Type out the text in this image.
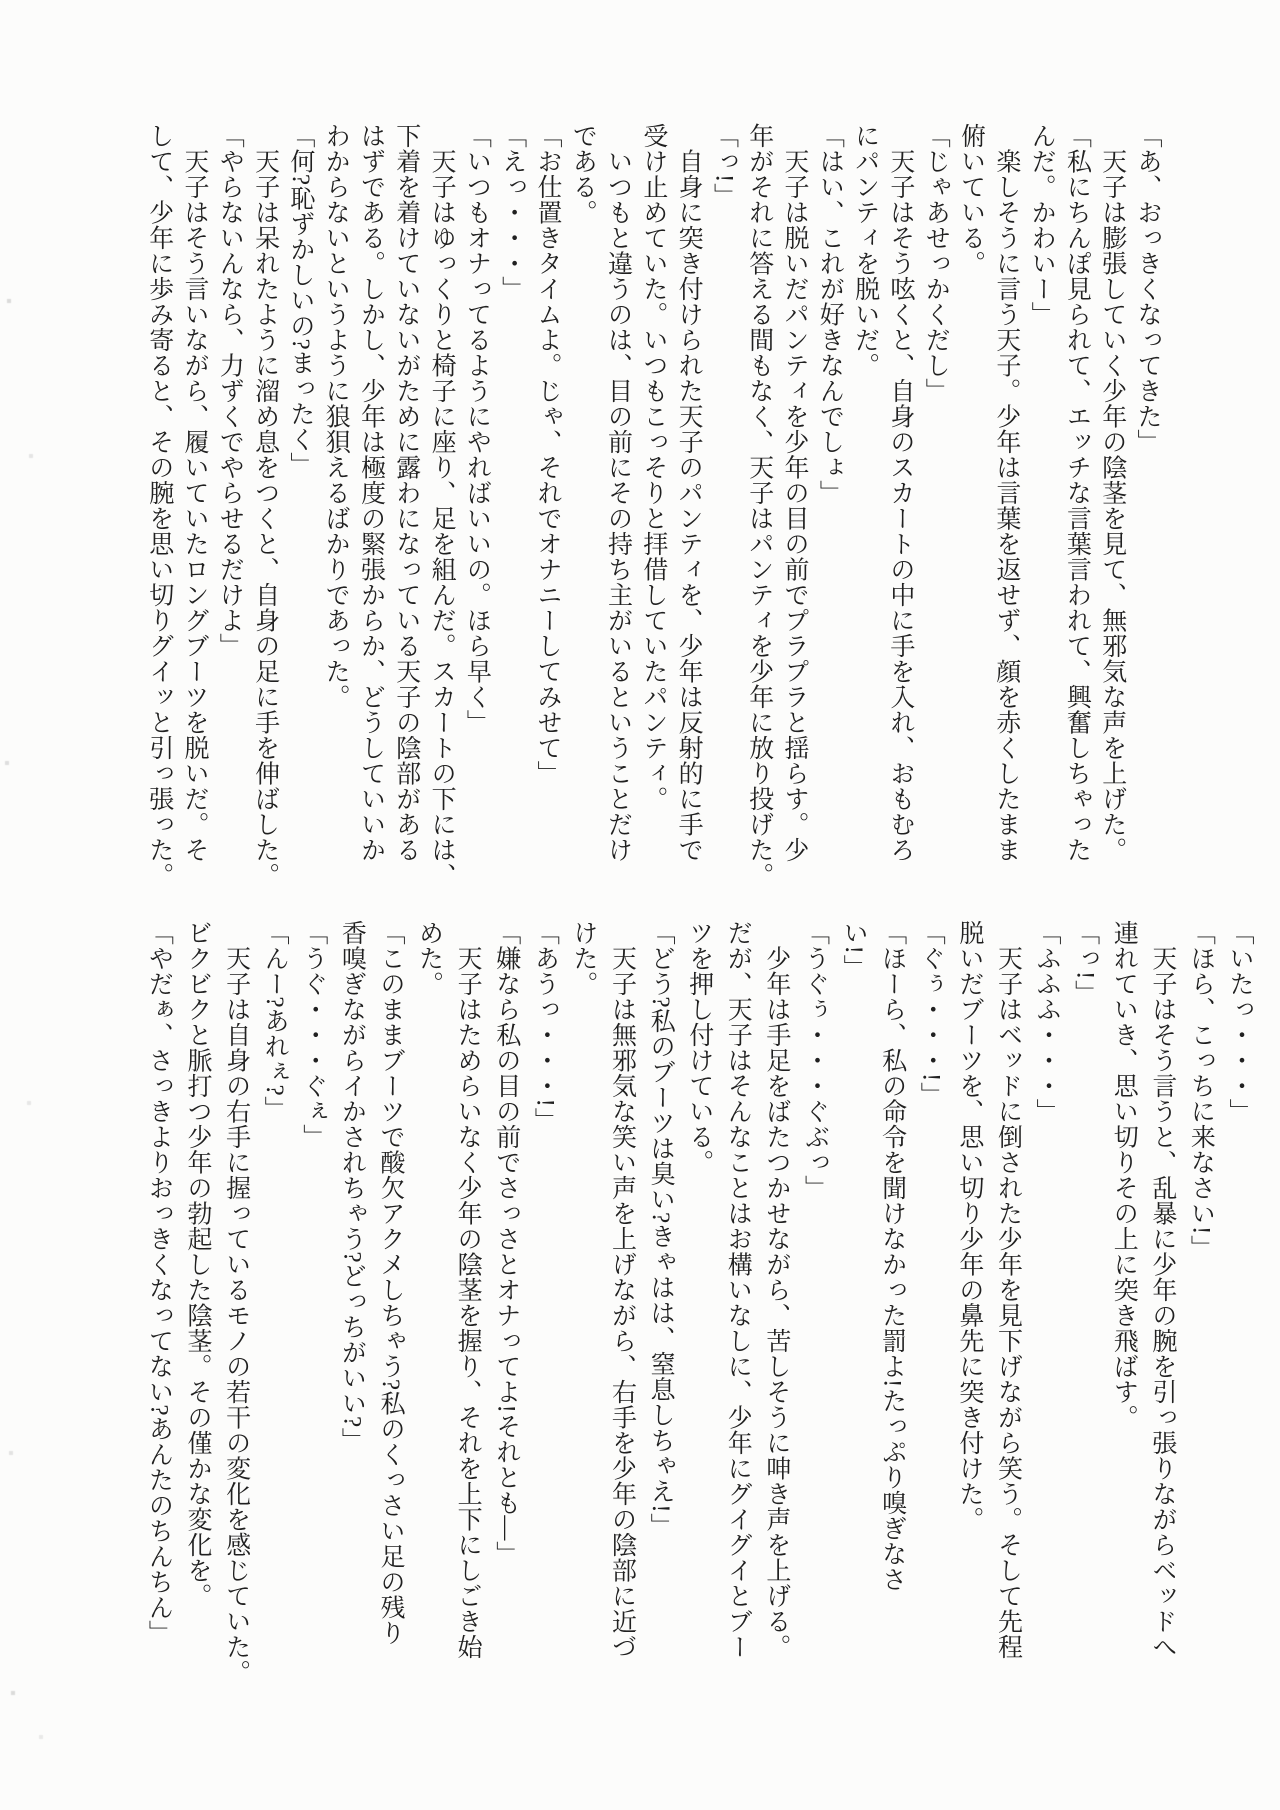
「あ、おっきくなってきた」
　天子は膨張していく少年の陰茎を見て、無邪気な声を上げた。
「私にちんぽ見られて、エッチな言葉言われて、興奮しちゃった
んだ。かわいー」
　楽しそうに言う天子。少年は言葉を返せず、顔を赤くしたまま
俯いている。
「じゃあせっかくだし」
　天子はそう呟くと、自身のスカートの中に手を入れ、おもむろ
にパンティを脱いだ。
「はい、これが好きなんでしょ」
　天子は脱いだパンティを少年の目の前でプラプラと揺らす。少
年がそれに答える間もなく、天子はパンティを少年に放り投げた。
「っ!」
　自身に突き付けられた天子のパンティを、少年は反射的に手で
受け止めていた。いつもこっそりと拝借していたパンティ。
　いつもと違うのは、目の前にその持ち主がいるということだけ
である。
「お仕置きタイムよ。じゃ、それでオナニーしてみせて」
「えっ・・・」
「いつもオナってるようにやればいいの。ほら早く」
　天子はゆっくりと椅子に座り、足を組んだ。スカートの下には、
下着を着けていないがために露わになっている天子の陰部がある
はずである。しかし、少年は極度の緊張からか、どうしていいか
わからないというように狼狽えるばかりであった。
「何?恥ずかしいの?まったく」
　天子は呆れたように溜め息をつくと、自身の足に手を伸ばした。
「やらないんなら、力ずくでやらせるだけよ」
　天子はそう言いながら、履いていたロングブーツを脱いだ。そ
して、少年に歩み寄ると、その腕を思い切りグイッと引っ張った。
「いたっ・・・」
「ほら、こっちに来なさい!」
　天子はそう言うと、乱暴に少年の腕を引っ張りながらベッドへ
連れていき、思い切りその上に突き飛ばす。
「っ!」
「ふふふ・・・」
　天子はベッドに倒された少年を見下げながら笑う。そして先程
脱いだブーツを、思い切り少年の鼻先に突き付けた。
「ぐぅ・・・!」
「ほーら、私の命令を聞けなかった罰よ!たっぷり嗅ぎなさ
い!」
「うぐぅ・・・ぐぶっ」
　少年は手足をばたつかせながら、苦しそうに呻き声を上げる。
だが、天子はそんなことはお構いなしに、少年にグイグイとブー
ツを押し付けている。
「どう?私のブーツは臭い?きゃはは、窒息しちゃえ!」
　天子は無邪気な笑い声を上げながら、右手を少年の陰部に近づ
けた。
「あうっ・・・!」
「嫌なら私の目の前でさっさとオナってよ!それとも―」
　天子はためらいなく少年の陰茎を握り、それを上下にしごき始
めた。
「このままブーツで酸欠アクメしちゃう?私のくっさい足の残り
香嗅ぎながらイかされちゃう?どっちがいい?」
「うぐ・・・ぐぇ」
「んー?あれぇ?」
　天子は自身の右手に握っているモノの若干の変化を感じていた。
ビクビクと脈打つ少年の勃起した陰茎。その僅かな変化を。
「やだぁ、さっきよりおっきくなってない?あんたのちんちん」
